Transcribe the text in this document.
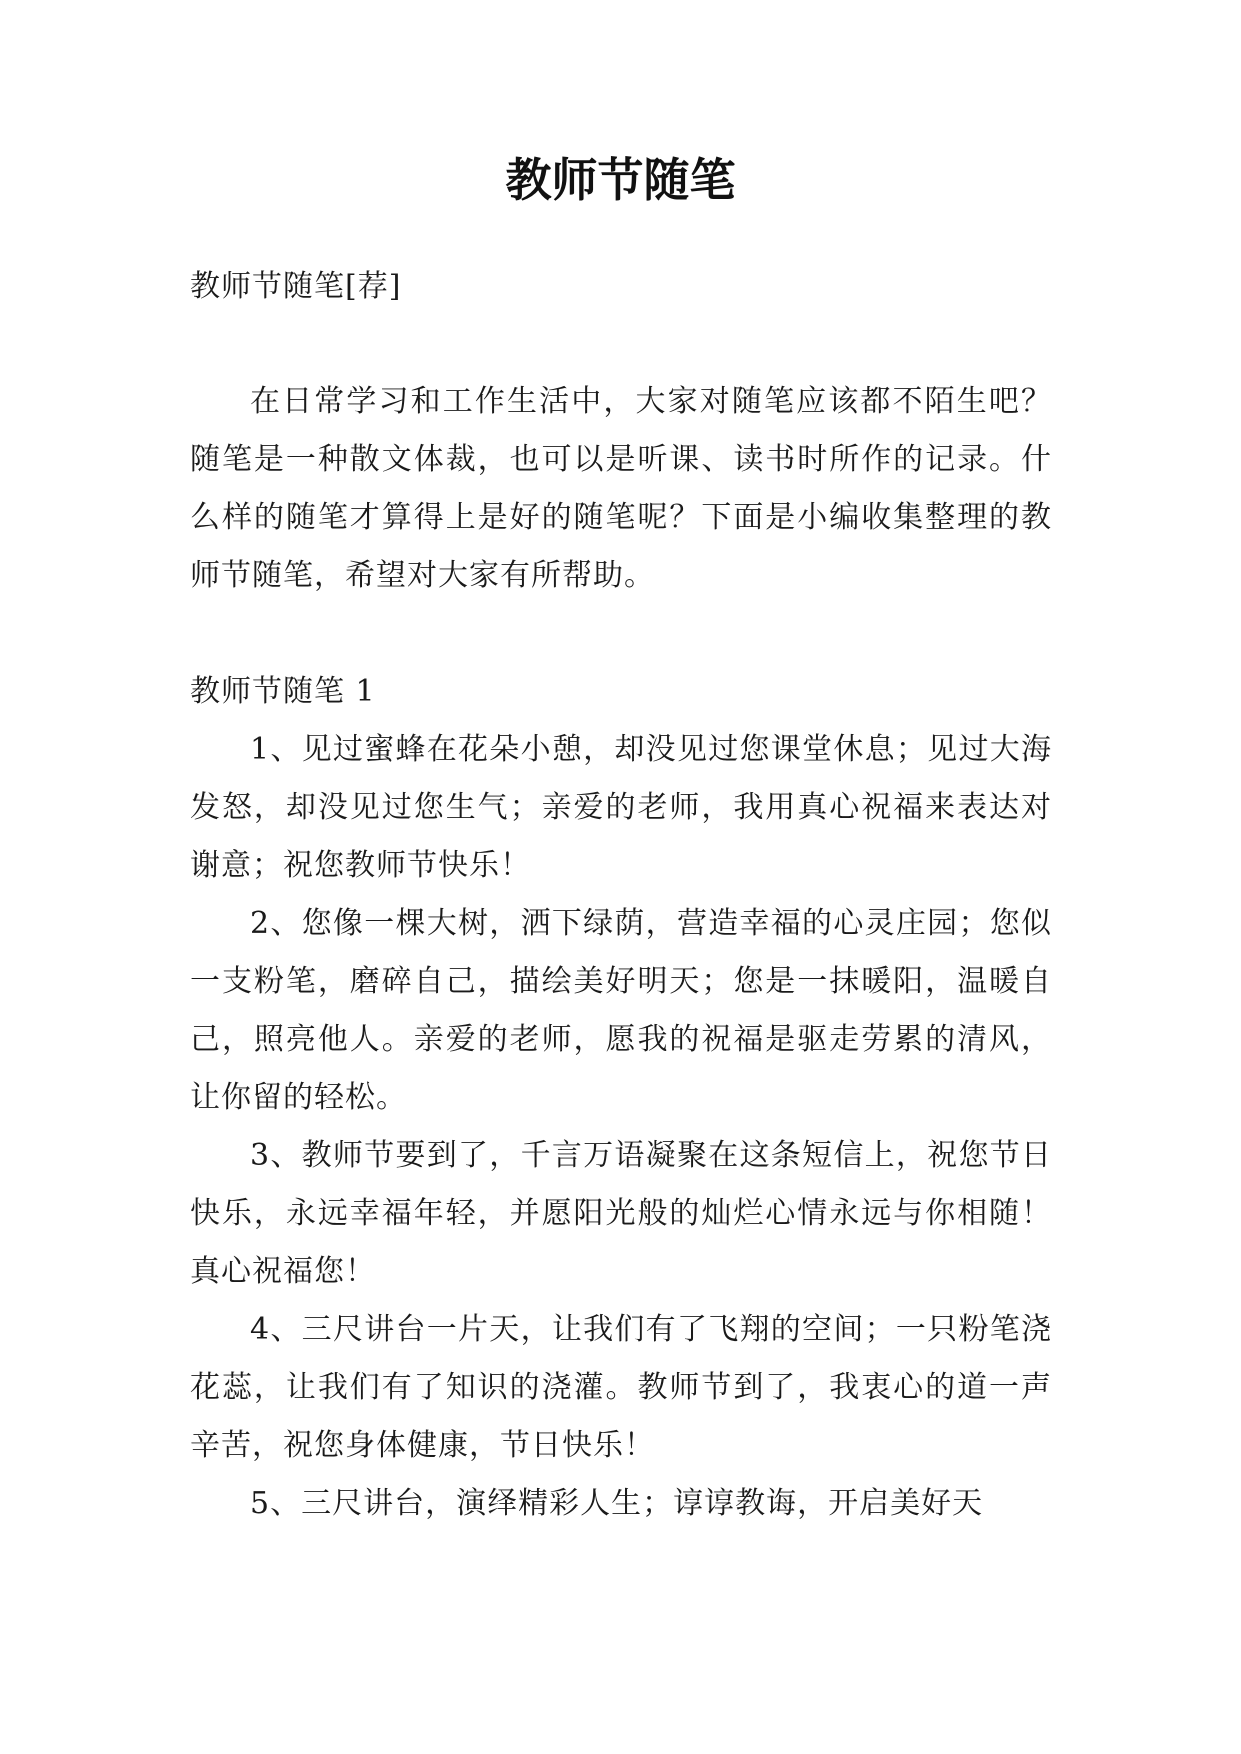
教师节随笔

教师节随笔[荐]

在日常学习和工作生活中，大家对随笔应该都不陌生吧？随笔是一种散文体裁，也可以是听课、读书时所作的记录。什么样的随笔才算得上是好的随笔呢？下面是小编收集整理的教师节随笔，希望对大家有所帮助。

教师节随笔 1

1、见过蜜蜂在花朵小憩，却没见过您课堂休息；见过大海发怒，却没见过您生气；亲爱的老师，我用真心祝福来表达对谢意；祝您教师节快乐！

2、您像一棵大树，洒下绿荫，营造幸福的心灵庄园；您似一支粉笔，磨碎自己，描绘美好明天；您是一抹暖阳，温暖自己，照亮他人。亲爱的老师，愿我的祝福是驱走劳累的清风，让你留的轻松。

3、教师节要到了，千言万语凝聚在这条短信上，祝您节日快乐，永远幸福年轻，并愿阳光般的灿烂心情永远与你相随！真心祝福您！

4、三尺讲台一片天，让我们有了飞翔的空间；一只粉笔浇花蕊，让我们有了知识的浇灌。教师节到了，我衷心的道一声辛苦，祝您身体健康，节日快乐！

5、三尺讲台，演绎精彩人生；谆谆教诲，开启美好天
